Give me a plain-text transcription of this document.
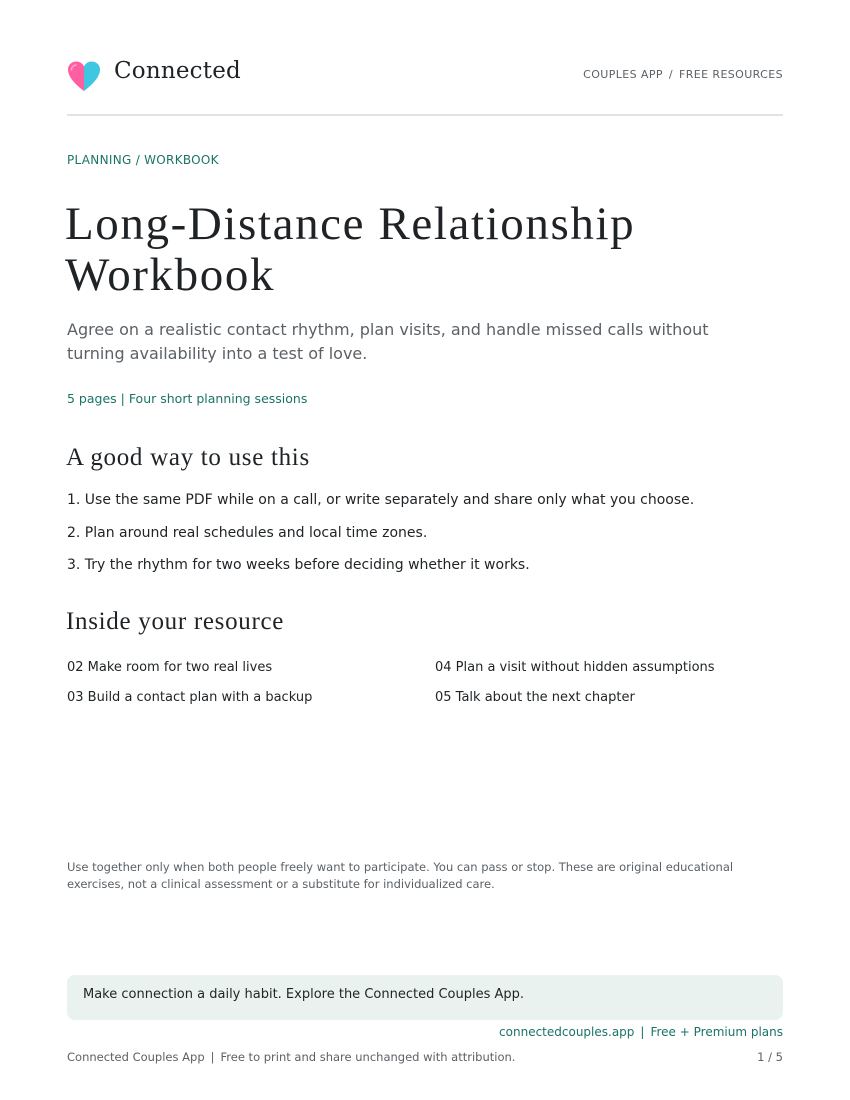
Connected	COUPLES APP / FREE RESOURCES
PLANNING / WORKBOOK
Long-Distance Relationship Workbook

Agree on a realistic contact rhythm, plan visits, and handle missed calls without turning availability into a test of love.

5 pages | Four short planning sessions
A good way to use this
1. Use the same PDF while on a call, or write separately and share only what you choose.
2. Plan around real schedules and local time zones.
3. Try the rhythm for two weeks before deciding whether it works.
Inside your resource
02 Make room for two real lives	04 Plan a visit without hidden assumptions
03 Build a contact plan with a backup	05 Talk about the next chapter

Use together only when both people freely want to participate. You can pass or stop. These are original educational exercises, not a clinical assessment or a substitute for individualized care.

Make connection a daily habit. Explore the Connected Couples App.
connectedcouples.app | Free + Premium plans
Connected Couples App | Free to print and share unchanged with attribution.	1 / 5
